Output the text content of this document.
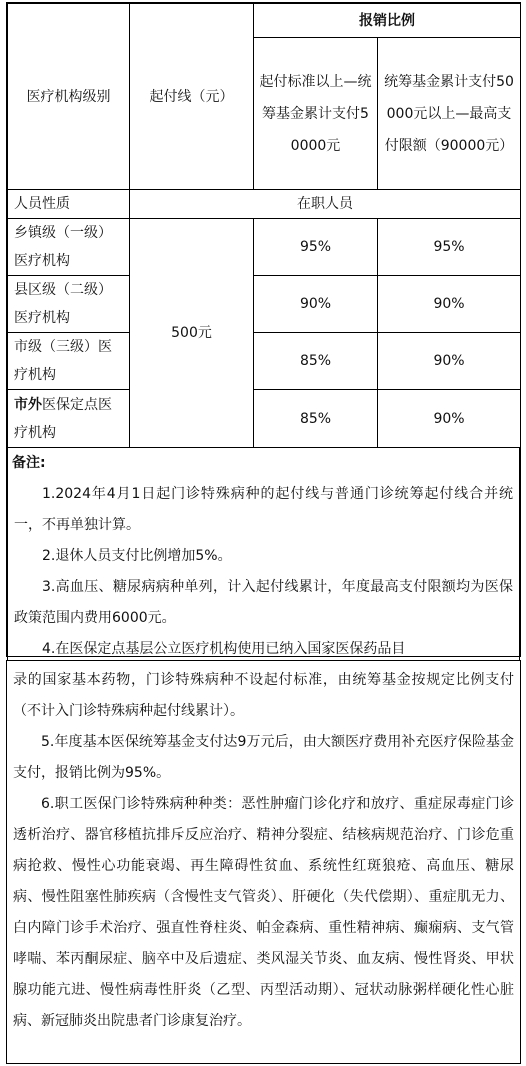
医疗机构级别	起付线（元）	报销比例	
		起付标准以上—统筹基金累计支付50000元	统筹基金累计支付50000元以上—最高支付限额（90000元）
人员性质	在职人员		
乡镇级（一级）医疗机构	500元	95%	95%
县区级（二级）医疗机构		90%	90%
市级（三级）医疗机构		85%	90%
市外医保定点医疗机构		85%	90%

备注:

1.2024年4月1日起门诊特殊病种的起付线与普通门诊统筹起付线合并统一，不再单独计算。

2.退休人员支付比例增加5%。

3.高血压、糖尿病病种单列，计入起付线累计，年度最高支付限额均为医保政策范围内费用6000元。

4.在医保定点基层公立医疗机构使用已纳入国家医保药品目

录的国家基本药物，门诊特殊病种不设起付标准，由统筹基金按规定比例支付（不计入门诊特殊病种起付线累计）。

5.年度基本医保统筹基金支付达9万元后，由大额医疗费用补充医疗保险基金支付，报销比例为95%。

6.职工医保门诊特殊病种种类：恶性肿瘤门诊化疗和放疗、重症尿毒症门诊透析治疗、器官移植抗排斥反应治疗、精神分裂症、结核病规范治疗、门诊危重病抢救、慢性心功能衰竭、再生障碍性贫血、系统性红斑狼疮、高血压、糖尿病、慢性阻塞性肺疾病（含慢性支气管炎）、肝硬化（失代偿期）、重症肌无力、白内障门诊手术治疗、强直性脊柱炎、帕金森病、重性精神病、癫痫病、支气管哮喘、苯丙酮尿症、脑卒中及后遗症、类风湿关节炎、血友病、慢性肾炎、甲状腺功能亢进、慢性病毒性肝炎（乙型、丙型活动期）、冠状动脉粥样硬化性心脏病、新冠肺炎出院患者门诊康复治疗。
